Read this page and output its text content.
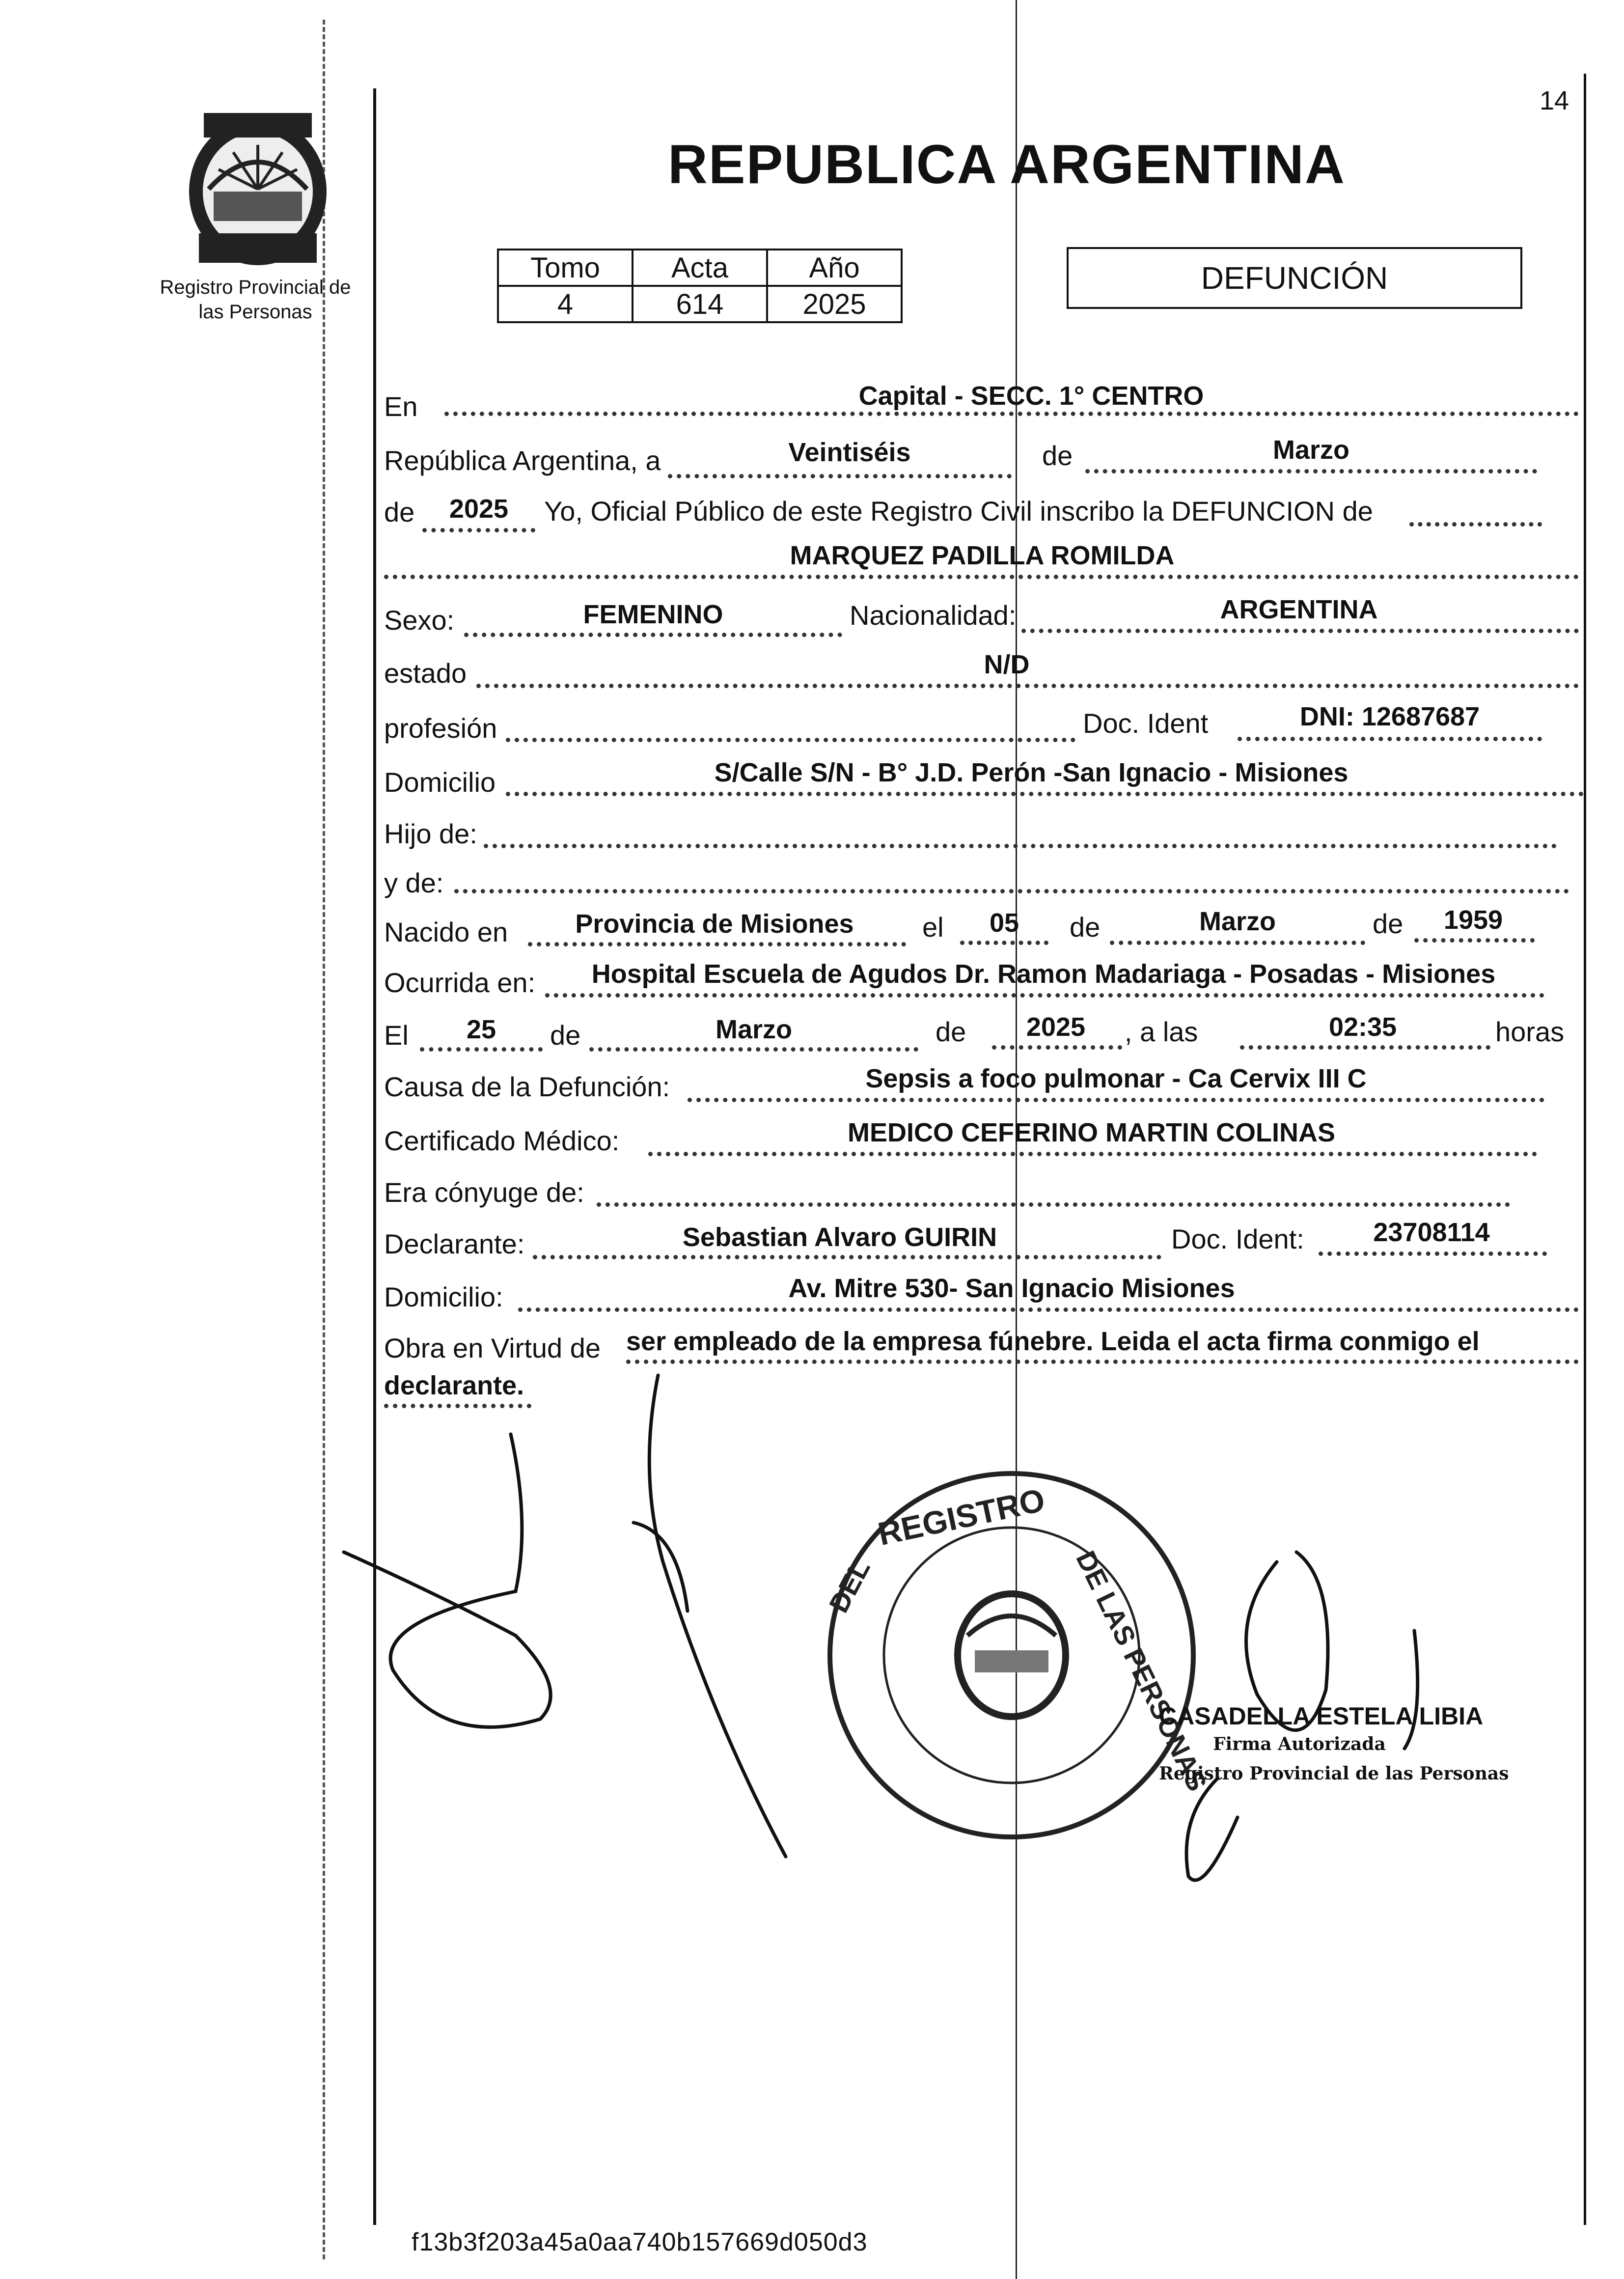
14
Registro Provincial de
las Personas
REPUBLICA ARGENTINA
Tomo	Acta	Año
4	614	2025
DEFUNCIÓN
En	Capital - SECC. 1° CENTRO
República Argentina, a	Veintiséis	de	Marzo
de	2025	Yo, Oficial Público de este Registro Civil inscribo la DEFUNCION de
MARQUEZ PADILLA ROMILDA
Sexo:	FEMENINO	Nacionalidad:	ARGENTINA
estado	N/D
profesión	Doc. Ident	DNI: 12687687
Domicilio	S/Calle S/N - B° J.D. Perón -San Ignacio - Misiones
Hijo de:
y de:
Nacido en	Provincia de Misiones	el	05	de	Marzo	de	1959
Ocurrida en:	Hospital Escuela de Agudos Dr. Ramon Madariaga - Posadas - Misiones
El	25	de	Marzo	de	2025	, a las	02:35	horas
Causa de la Defunción:	Sepsis a foco pulmonar - Ca Cervix III C
Certificado Médico:	MEDICO CEFERINO MARTIN COLINAS
Era cónyuge de:
Declarante:	Sebastian Alvaro GUIRIN	Doc. Ident:	23708114
Domicilio:	Av. Mitre 530- San Ignacio Misiones
Obra en Virtud de ser empleado de la empresa fúnebre. Leida el acta firma conmigo el
declarante.
REGISTRO
DEL	DE LAS PERSONAS
CASADELLA ESTELA LIBIA
Firma Autorizada
Registro Provincial de las Personas
f13b3f203a45a0aa740b157669d050d3
